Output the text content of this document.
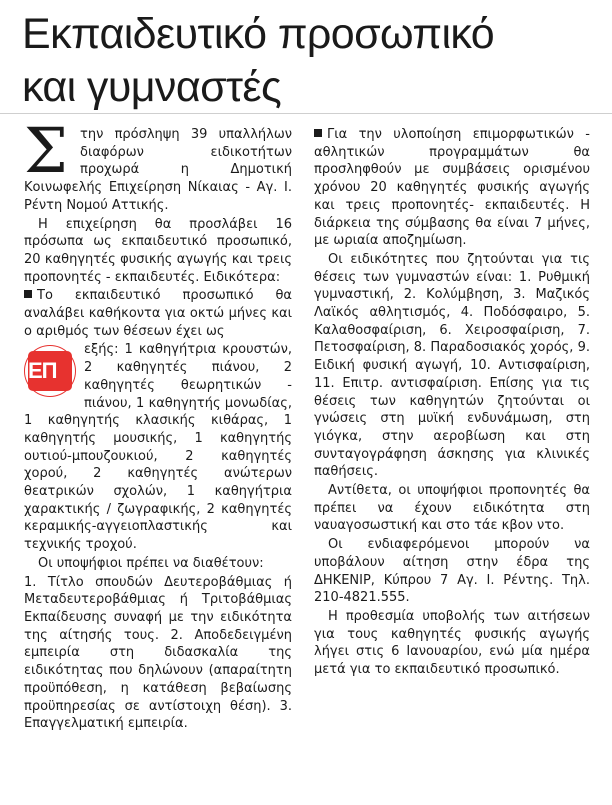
Εκπαιδευτικό προσωπικό
και γυμναστές

Στην πρόσληψη 39 υπαλλήλων διαφόρων ειδικοτήτων προχωρά η Δημοτική Κοινωφελής Επιχείρηση Νίκαιας - Αγ. Ι. Ρέντη Νομού Αττικής.

Η επιχείρηση θα προσλάβει 16 πρόσωπα ως εκπαιδευτικό προσωπικό, 20 καθηγητές φυσικής αγωγής και τρεις προπονητές - εκπαιδευτές. Ειδικότερα:

Το εκπαιδευτικό προσωπικό θα αναλάβει καθήκοντα για οκτώ μήνες και ο αριθμός των θέσεων έχει ως

ΕΠ
εξής: 1 καθηγήτρια κρουστών, 2 καθηγητές πιάνου, 2 καθηγητές θεωρητικών - πιάνου, 1 καθηγητής μονωδίας, 1 καθηγητής κλασικής κιθάρας, 1 καθηγητής μουσικής, 1 καθηγητής ουτιού-μπουζουκιού, 2 καθηγητές χορού, 2 καθηγητές ανώτερων θεατρικών σχολών, 1 καθηγήτρια χαρακτικής / ζωγραφικής, 2 καθηγητές κεραμικής-αγγειοπλαστικής και τεχνικής τροχού.

Οι υποψήφιοι πρέπει να διαθέτουν:

1. Τίτλο σπουδών Δευτεροβάθμιας ή Μεταδευτεροβάθμιας ή Τριτοβάθμιας Εκπαίδευσης συναφή με την ειδικότητα της αίτησής τους. 2. Αποδεδειγμένη εμπειρία στη διδασκαλία της ειδικότητας που δηλώνουν (απαραίτητη προϋπόθεση, η κατάθεση βεβαίωσης προϋπηρεσίας σε αντίστοιχη θέση). 3. Επαγγελματική εμπειρία.

Για την υλοποίηση επιμορφωτικών - αθλητικών προγραμμάτων θα προσληφθούν με συμβάσεις ορισμένου χρόνου 20 καθηγητές φυσικής αγωγής και τρεις προπονητές- εκπαιδευτές. Η διάρκεια της σύμβασης θα είναι 7 μήνες, με ωριαία αποζημίωση.

Οι ειδικότητες που ζητούνται για τις θέσεις των γυμναστών είναι: 1. Ρυθμική γυμναστική, 2. Κολύμβηση, 3. Μαζικός Λαϊκός αθλητισμός, 4. Ποδόσφαιρο, 5. Καλαθοσφαίριση, 6. Χειροσφαίριση, 7. Πετοσφαίριση, 8. Παραδοσιακός χορός, 9. Ειδική φυσική αγωγή, 10. Αντισφαίριση, 11. Επιτρ. αντισφαίριση. Επίσης για τις θέσεις των καθηγητών ζητούνται οι γνώσεις στη μυϊκή ενδυνάμωση, στη γιόγκα, στην αεροβίωση και στη συνταγογράφηση άσκησης για κλινικές παθήσεις.

Αντίθετα, οι υποψήφιοι προπονητές θα πρέπει να έχουν ειδικότητα στη ναυαγοσωστική και στο τάε κβον ντο.

Οι ενδιαφερόμενοι μπορούν να υποβάλουν αίτηση στην έδρα της ΔΗΚΕΝΙΡ, Κύπρου 7 Αγ. Ι. Ρέντης. Τηλ. 210-4821.555.

Η προθεσμία υποβολής των αιτήσεων για τους καθηγητές φυσικής αγωγής λήγει στις 6 Ιανουαρίου, ενώ μία ημέρα μετά για το εκπαιδευτικό προσωπικό.
